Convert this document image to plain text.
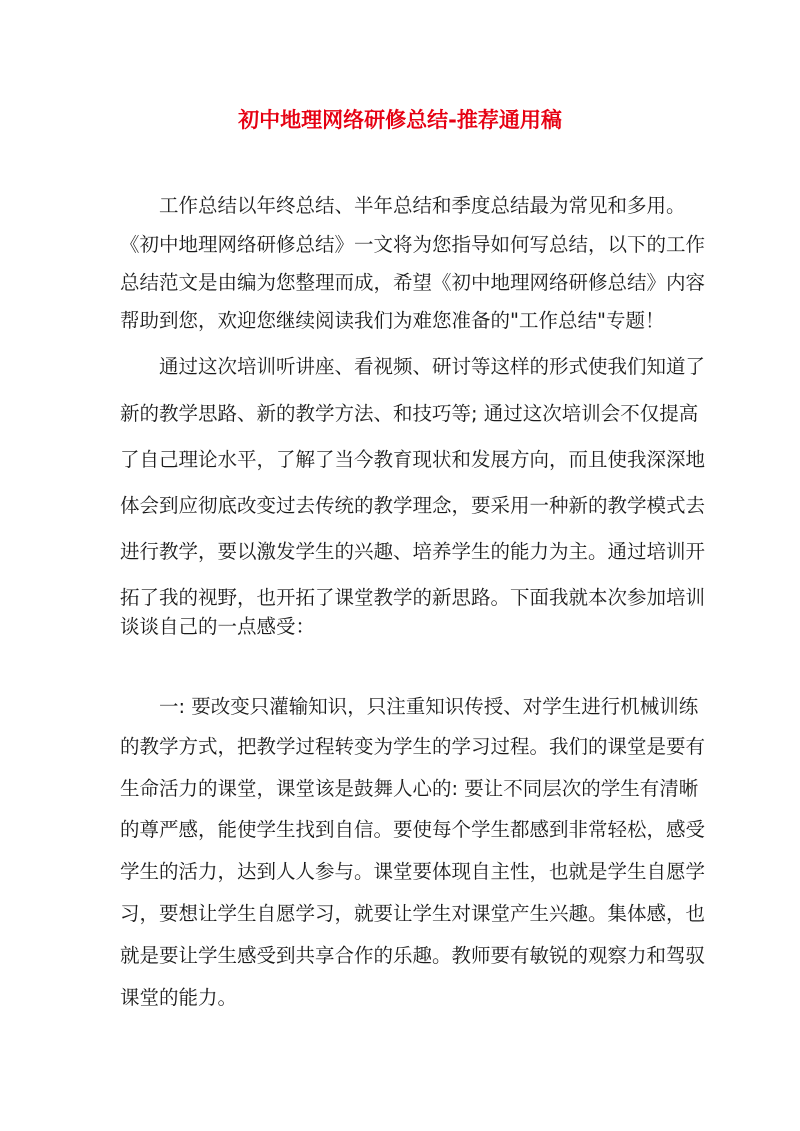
初中地理网络研修总结-推荐通用稿

工作总结以年终总结、半年总结和季度总结最为常见和多用。

《初中地理网络研修总结》一文将为您指导如何写总结，以下的工作

总结范文是由编为您整理而成，希望《初中地理网络研修总结》内容

帮助到您，欢迎您继续阅读我们为难您准备的"工作总结"专题！

通过这次培训听讲座、看视频、研讨等这样的形式使我们知道了

新的教学思路、新的教学方法、和技巧等; 通过这次培训会不仅提高

了自己理论水平，了解了当今教育现状和发展方向，而且使我深深地

体会到应彻底改变过去传统的教学理念，要采用一种新的教学模式去

进行教学，要以激发学生的兴趣、培养学生的能力为主。通过培训开

拓了我的视野，也开拓了课堂教学的新思路。下面我就本次参加培训

谈谈自己的一点感受：

一: 要改变只灌输知识，只注重知识传授、对学生进行机械训练

的教学方式，把教学过程转变为学生的学习过程。我们的课堂是要有

生命活力的课堂，课堂该是鼓舞人心的: 要让不同层次的学生有清晰

的尊严感，能使学生找到自信。要使每个学生都感到非常轻松，感受

学生的活力，达到人人参与。课堂要体现自主性，也就是学生自愿学

习，要想让学生自愿学习，就要让学生对课堂产生兴趣。集体感，也

就是要让学生感受到共享合作的乐趣。教师要有敏锐的观察力和驾驭

课堂的能力。
